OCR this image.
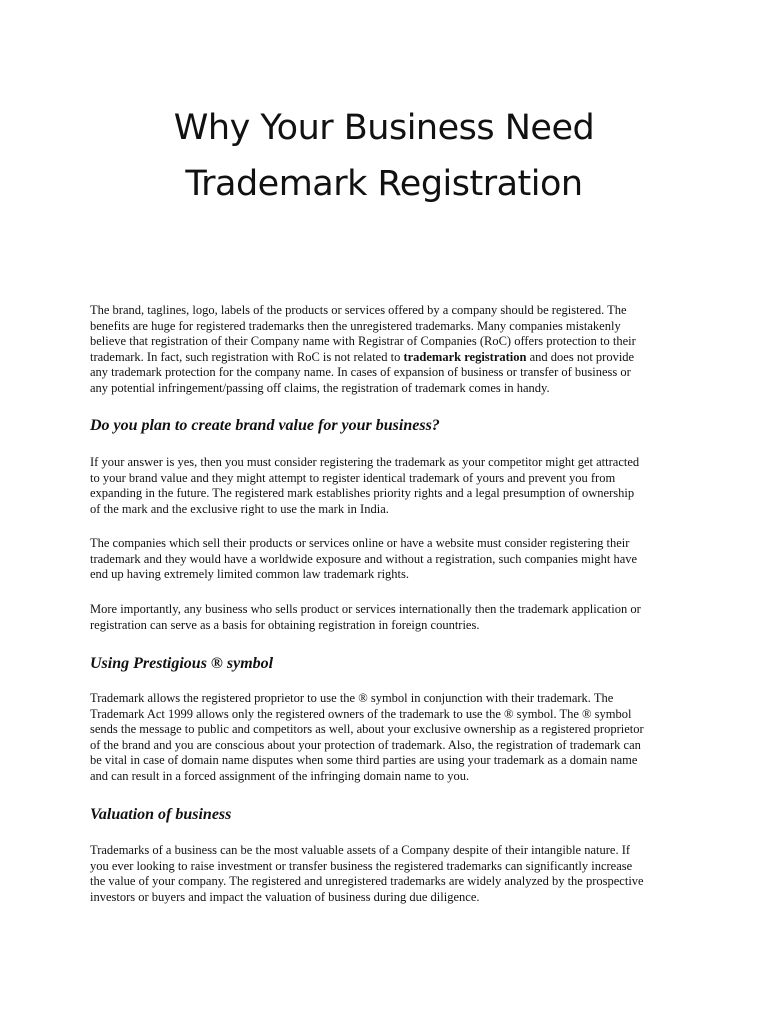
Why Your Business Need
Trademark Registration

The brand, taglines, logo, labels of the products or services offered by a company should be registered. The
benefits are huge for registered trademarks then the unregistered trademarks. Many companies mistakenly
believe that registration of their Company name with Registrar of Companies (RoC) offers protection to their
trademark. In fact, such registration with RoC is not related to trademark registration and does not provide
any trademark protection for the company name. In cases of expansion of business or transfer of business or
any potential infringement/passing off claims, the registration of trademark comes in handy.

Do you plan to create brand value for your business?

If your answer is yes, then you must consider registering the trademark as your competitor might get attracted
to your brand value and they might attempt to register identical trademark of yours and prevent you from
expanding in the future. The registered mark establishes priority rights and a legal presumption of ownership
of the mark and the exclusive right to use the mark in India.

The companies which sell their products or services online or have a website must consider registering their
trademark and they would have a worldwide exposure and without a registration, such companies might have
end up having extremely limited common law trademark rights.

More importantly, any business who sells product or services internationally then the trademark application or
registration can serve as a basis for obtaining registration in foreign countries.

Using Prestigious ® symbol

Trademark allows the registered proprietor to use the ® symbol in conjunction with their trademark. The
Trademark Act 1999 allows only the registered owners of the trademark to use the ® symbol. The ® symbol
sends the message to public and competitors as well, about your exclusive ownership as a registered proprietor
of the brand and you are conscious about your protection of trademark. Also, the registration of trademark can
be vital in case of domain name disputes when some third parties are using your trademark as a domain name
and can result in a forced assignment of the infringing domain name to you.

Valuation of business

Trademarks of a business can be the most valuable assets of a Company despite of their intangible nature. If
you ever looking to raise investment or transfer business the registered trademarks can significantly increase
the value of your company. The registered and unregistered trademarks are widely analyzed by the prospective
investors or buyers and impact the valuation of business during due diligence.
